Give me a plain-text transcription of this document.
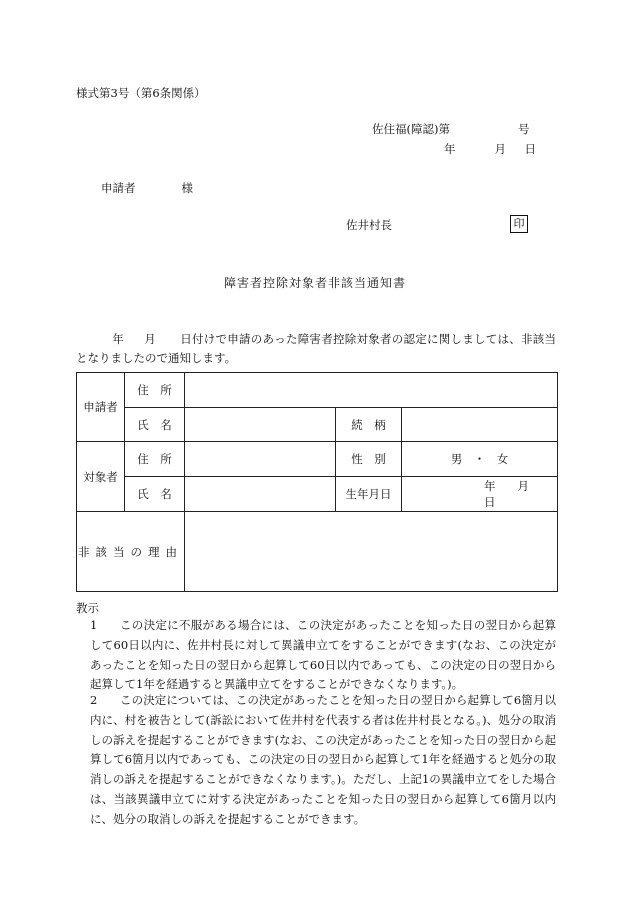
様式第3号（第6条関係）
佐住福(障認)第	号
年	月 日
申請者	様
佐井村長	印
障害者控除対象者非該当通知書
年 月 日付けで申請のあった障害者控除対象者の認定に関しましては、非該当となりましたので通知します。
申請者	住　所			
	氏　名		続　柄	
対象者	住　所		性　別	男　・　女
	氏　名		生年月日	年 月日

非該当の理由				
教示
1	この決定に不服がある場合には、この決定があったことを知った日の翌日から起算して60日以内に、佐井村長に対して異議申立てをすることができます(なお、この決定があったことを知った日の翌日から起算して60日以内であっても、この決定の日の翌日から起算して1年を経過すると異議申立てをすることができなくなります。)。
2	この決定については、この決定があったことを知った日の翌日から起算して6箇月以内に、村を被告として(訴訟において佐井村を代表する者は佐井村長となる。)、処分の取消しの訴えを提起することができます(なお、この決定があったことを知った日の翌日から起算して6箇月以内であっても、この決定の日の翌日から起算して1年を経過すると処分の取消しの訴えを提起することができなくなります。)。ただし、上記1の異議申立てをした場合は、当該異議申立てに対する決定があったことを知った日の翌日から起算して6箇月以内に、処分の取消しの訴えを提起することができます。
